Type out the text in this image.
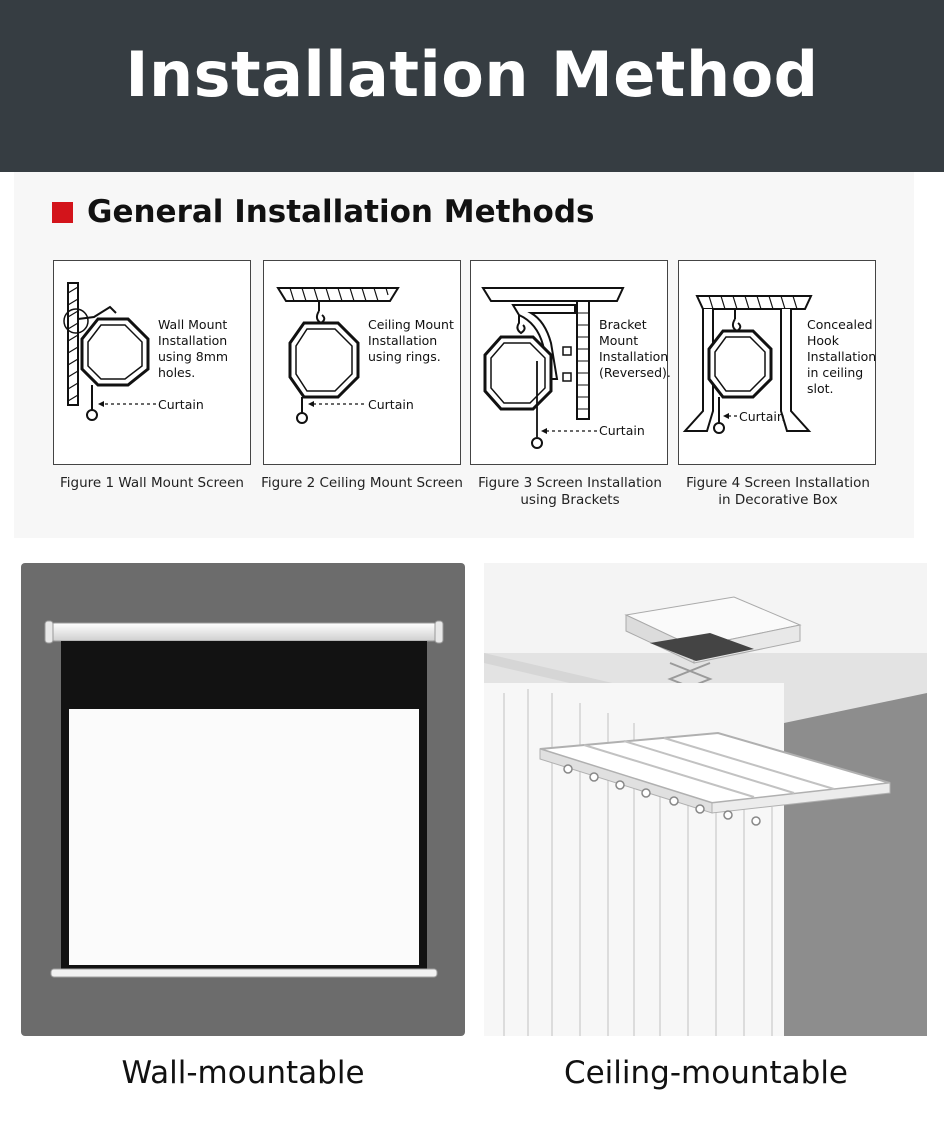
Installation Method
General Installation Methods
Wall Mount
Installation
using 8mm
holes.
Curtain
Ceiling Mount
Installation
using rings.
Curtain
Bracket
Mount
Installation
(Reversed).
Curtain
Concealed
Hook
Installation
in ceiling
slot.
Curtain
Figure 1 Wall Mount Screen	Figure 2 Ceiling Mount Screen	Figure 3 Screen Installation
using Brackets
Figure 4 Screen Installation
in Decorative Box
Wall-mountable	Ceiling-mountable
